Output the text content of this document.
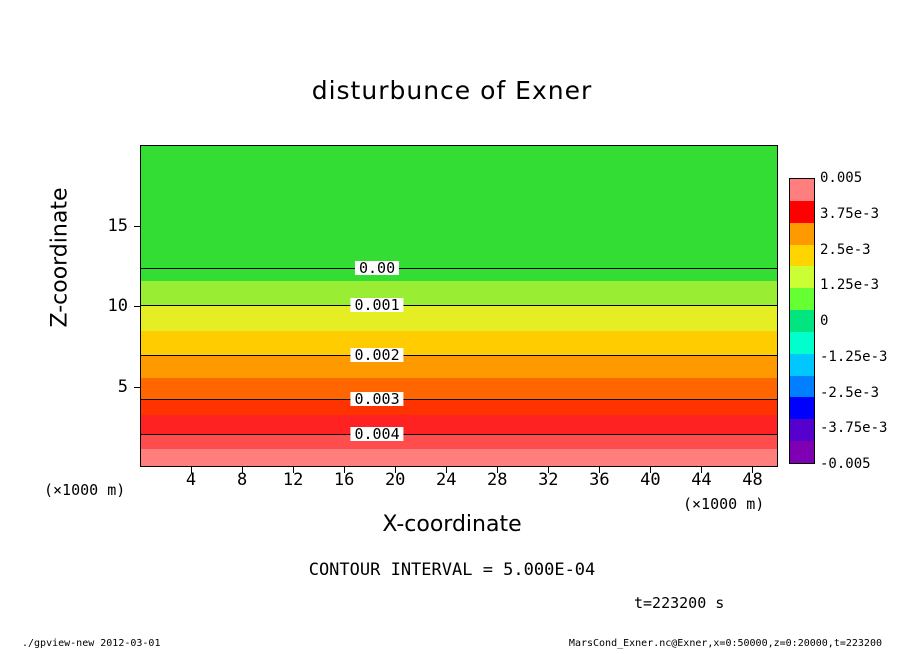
disturbunce of Exner
0.004
0.003
0.002
0.001
0.00
4 8 12 16 20 24 28 32 36 40 44 48
5
10
15
X-coordinate
Z-coordinate
(×1000 m)
(×1000 m)
0.005
3.75e-3
2.5e-3
1.25e-3
0
-1.25e-3
-2.5e-3
-3.75e-3
-0.005
CONTOUR INTERVAL = 5.000E-04
t=223200 s
./gpview-new 2012-03-01	MarsCond_Exner.nc@Exner,x=0:50000,z=0:20000,t=223200
